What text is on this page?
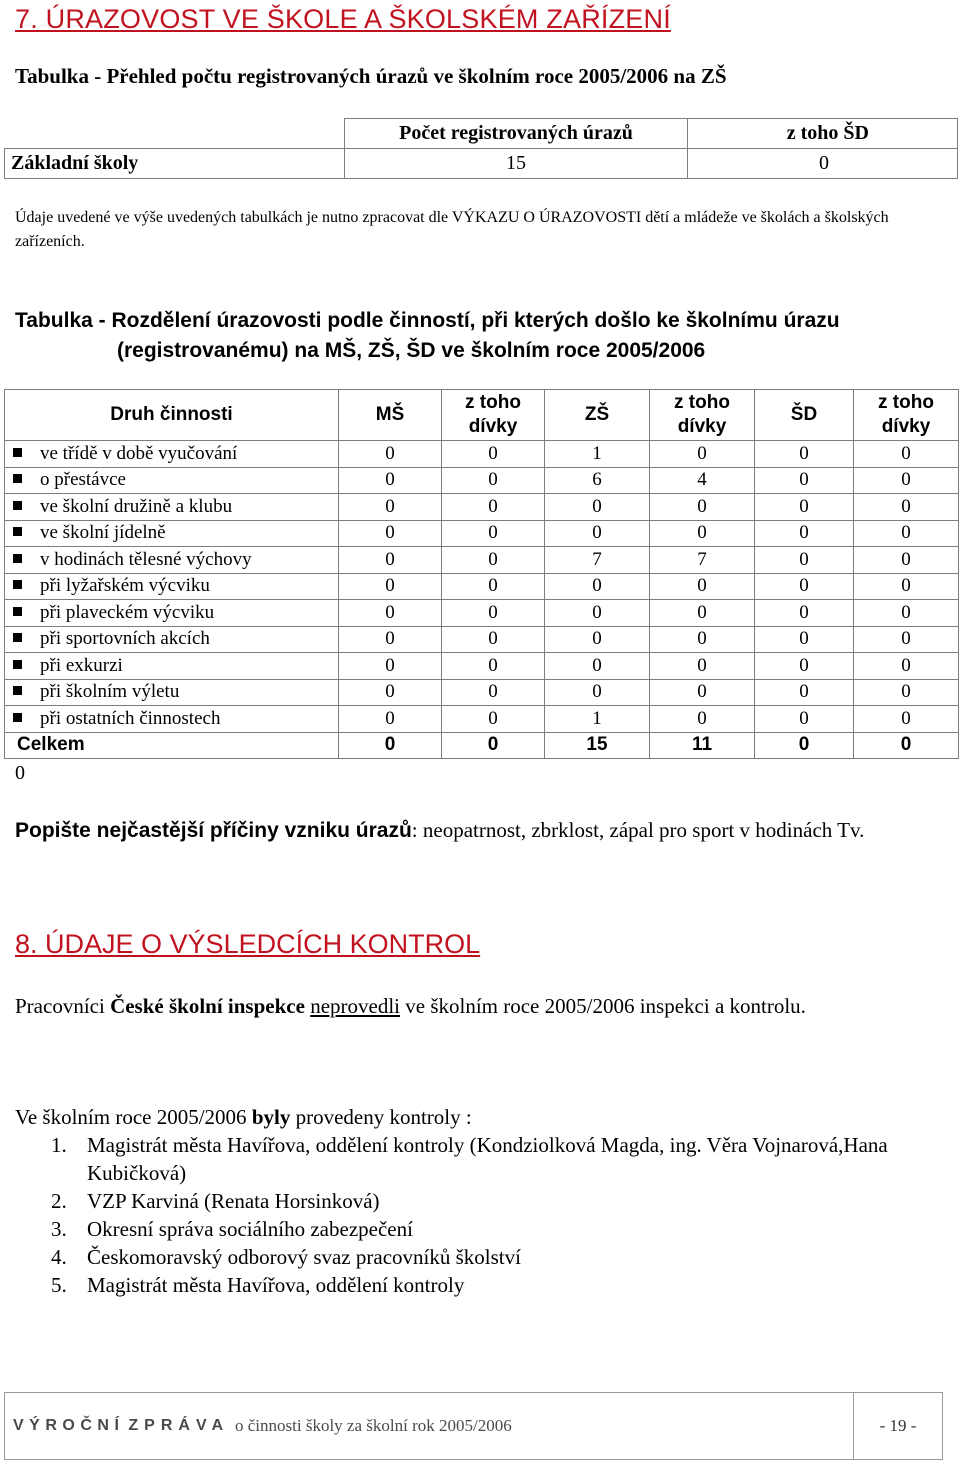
7. ÚRAZOVOST VE ŠKOLE A ŠKOLSKÉM ZAŘÍZENÍ
Tabulka - Přehled počtu registrovaných úrazů ve školním roce 2005/2006 na ZŠ
	Počet registrovaných úrazů	z toho ŠD
Základní školy	15	0
Údaje uvedené ve výše uvedených tabulkách je nutno zpracovat dle VÝKAZU O ÚRAZOVOSTI dětí a mládeže ve školách a školských zařízeních.
Tabulka - Rozdělení úrazovosti podle činností, při kterých došlo ke školnímu úrazu
(registrovanému) na MŠ, ZŠ, ŠD ve školním roce 2005/2006
Druh činnosti	MŠ	z toho dívky	ZŠ	z toho dívky	ŠD	z toho dívky
ve třídě v době vyučování	0	0	1	0	0	0
o přestávce	0	0	6	4	0	0
ve školní družině a klubu	0	0	0	0	0	0
ve školní jídelně	0	0	0	0	0	0
v hodinách tělesné výchovy	0	0	7	7	0	0
při lyžařském výcviku	0	0	0	0	0	0
při plaveckém výcviku	0	0	0	0	0	0
při sportovních akcích	0	0	0	0	0	0
při exkurzi	0	0	0	0	0	0
při školním výletu	0	0	0	0	0	0
při ostatních činnostech	0	0	1	0	0	0
Celkem	0	0	15	11	0	0
0
Popište nejčastější příčiny vzniku úrazů: neopatrnost, zbrklost, zápal pro sport v hodinách Tv.
8. ÚDAJE O VÝSLEDCÍCH KONTROL
Pracovníci České školní inspekce neprovedli ve školním roce 2005/2006 inspekci a kontrolu.
Ve školním roce 2005/2006 byly provedeny kontroly :
1. Magistrát města Havířova, oddělení kontroly (Kondziolková Magda, ing. Věra Vojnarová,Hana Kubičková)
2. VZP Karviná (Renata Horsinková)
3. Okresní správa sociálního zabezpečení
4. Českomoravský odborový svaz pracovníků školství
5. Magistrát města Havířova, oddělení kontroly
VÝROČNÍ ZPRÁVA o činnosti školy za školní rok 2005/2006	- 19 -
